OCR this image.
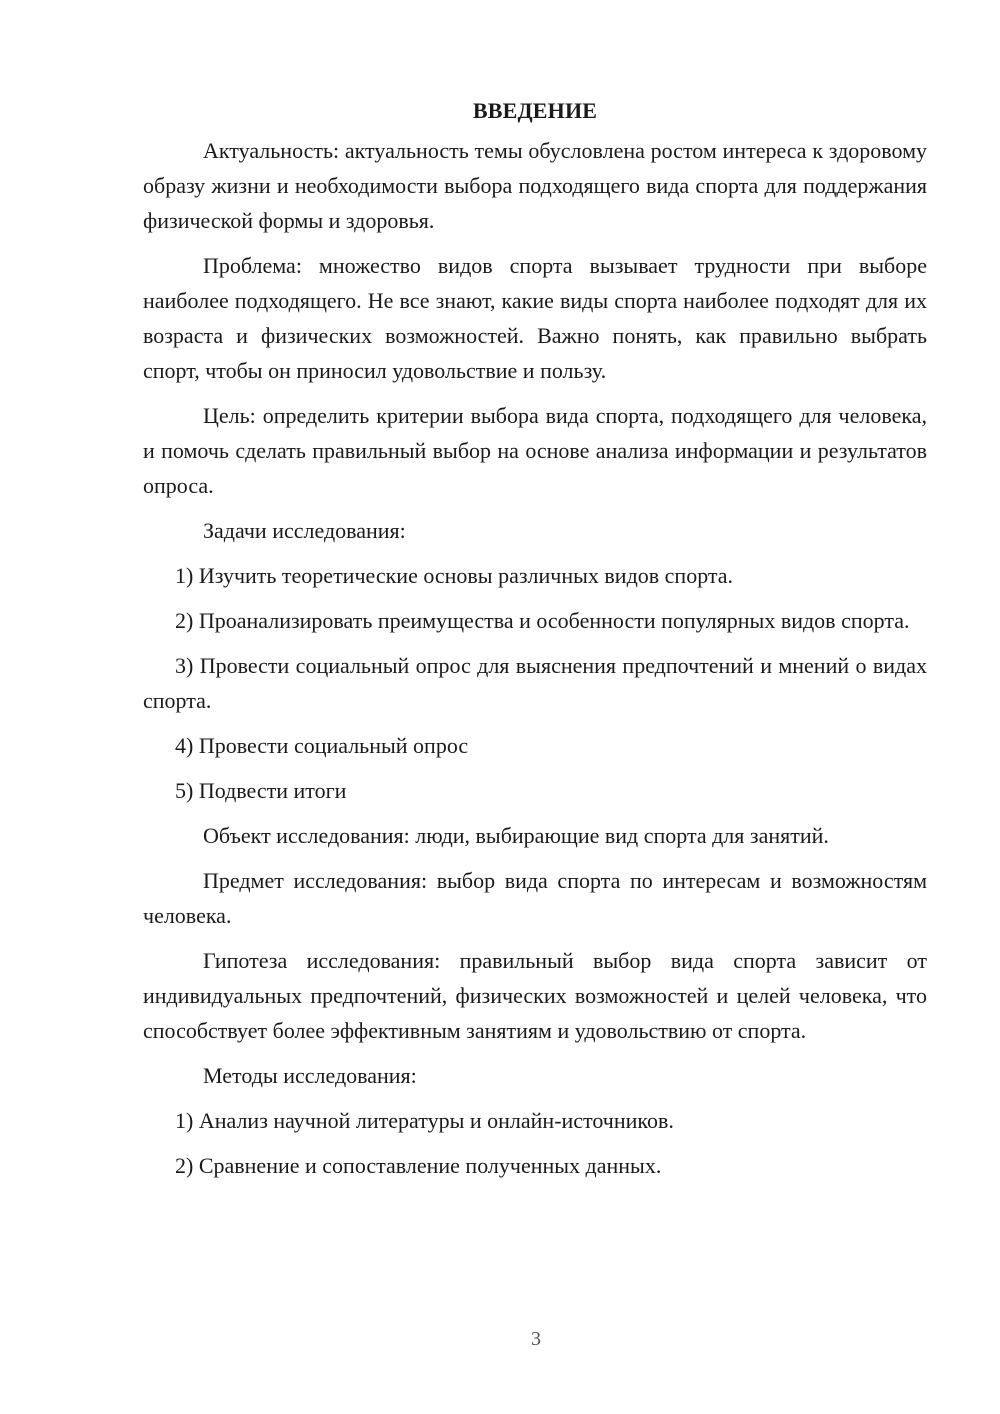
ВВЕДЕНИЕ
Актуальность: актуальность темы обусловлена ростом интереса к здоровому образу жизни и необходимости выбора подходящего вида спорта для поддержания физической формы и здоровья.
Проблема: множество видов спорта вызывает трудности при выборе наиболее подходящего. Не все знают, какие виды спорта наиболее подходят для их возраста и физических возможностей. Важно понять, как правильно выбрать спорт, чтобы он приносил удовольствие и пользу.
Цель: определить критерии выбора вида спорта, подходящего для человека, и помочь сделать правильный выбор на основе анализа информации и результатов опроса.
Задачи исследования:
1) Изучить теоретические основы различных видов спорта.
2) Проанализировать преимущества и особенности популярных видов спорта.
3) Провести социальный опрос для выяснения предпочтений и мнений о видах спорта.
4) Провести социальный опрос
5) Подвести итоги
Объект исследования: люди, выбирающие вид спорта для занятий.
Предмет исследования: выбор вида спорта по интересам и возможностям человека.
Гипотеза исследования: правильный выбор вида спорта зависит от индивидуальных предпочтений, физических возможностей и целей человека, что способствует более эффективным занятиям и удовольствию от спорта.
Методы исследования:
1) Анализ научной литературы и онлайн-источников.
2) Сравнение и сопоставление полученных данных.
3
